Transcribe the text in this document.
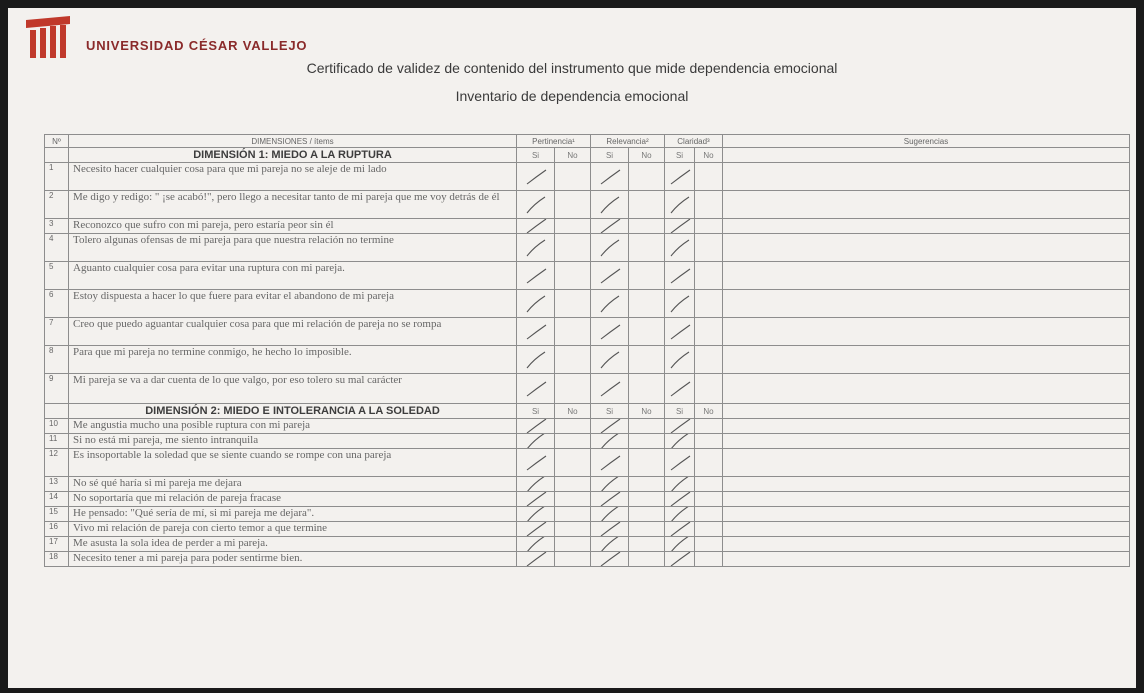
UNIVERSIDAD CÉSAR VALLEJO
Certificado de validez de contenido del instrumento que mide dependencia emocional
Inventario de dependencia emocional
Nº	DIMENSIONES / ítems	Pertinencia¹		Relevancia²		Claridad³		Sugerencias
	DIMENSIÓN 1: MIEDO A LA RUPTURA	Si	No	Si	No	Si	No	
1	Necesito hacer cualquier cosa para que mi pareja no se aleje de mi lado	

2	Me digo y redigo: " ¡se acabó!", pero llego a necesitar tanto de mi pareja que me voy detrás de él	

3	Reconozco que sufro con mi pareja, pero estaría peor sin él	

4	Tolero algunas ofensas de mi pareja para que nuestra relación no termine	

5	Aguanto cualquier cosa para evitar una ruptura con mi pareja.	

6	Estoy dispuesta a hacer lo que fuere para evitar el abandono de mi pareja	

7	Creo que puedo aguantar cualquier cosa para que mi relación de pareja no se rompa	

8	Para que mi pareja no termine conmigo, he hecho lo imposible.	

9	Mi pareja se va a dar cuenta de lo que valgo, por eso tolero su mal carácter	

	DIMENSIÓN 2: MIEDO E INTOLERANCIA A LA SOLEDAD	Si	No	Si	No	Si	No	
10	Me angustia mucho una posible ruptura con mi pareja	

11	Si no está mi pareja, me siento intranquila	

12	Es insoportable la soledad que se siente cuando se rompe con una pareja	

13	No sé qué haría si mi pareja me dejara	

14	No soportaría que mi relación de pareja fracase	

15	He pensado: "Qué sería de mí, si mi pareja me dejara".	

16	Vivo mi relación de pareja con cierto temor a que termine	

17	Me asusta la sola idea de perder a mi pareja.	

18	Necesito tener a mi pareja para poder sentirme bien.	
